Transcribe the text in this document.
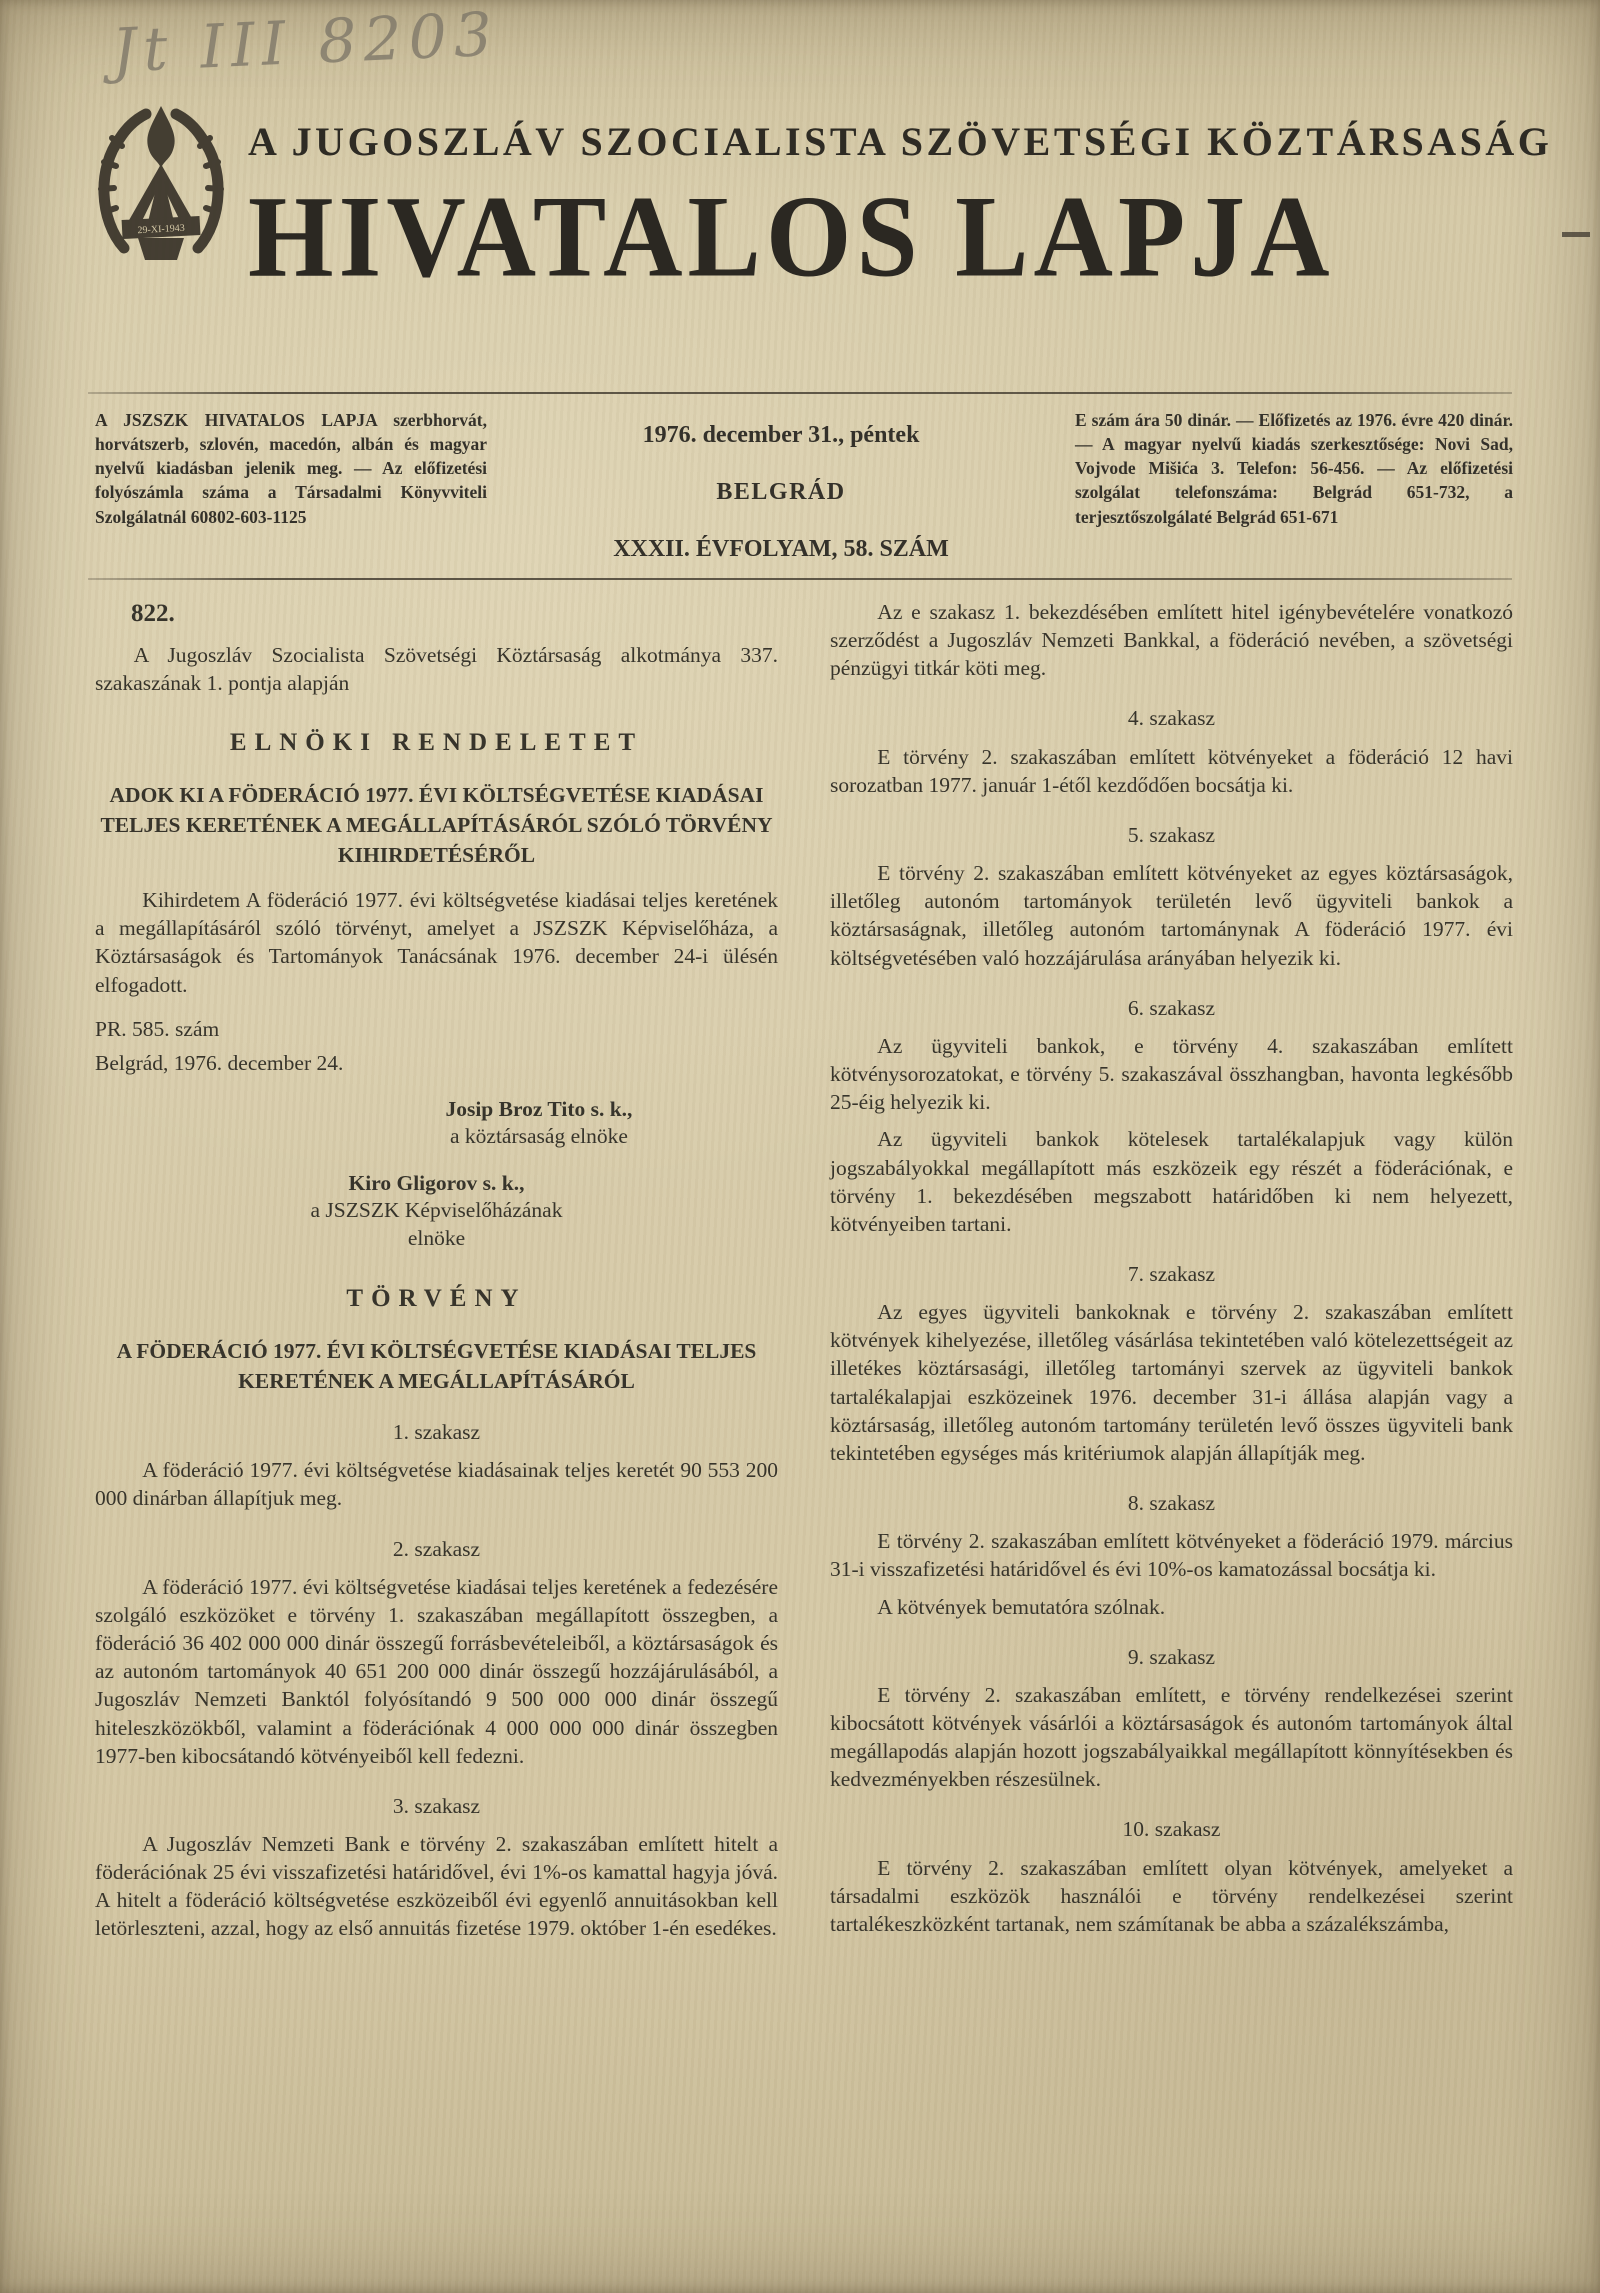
Jt III 8203
29-XI-1943
A JUGOSZLÁV SZOCIALISTA SZÖVETSÉGI KÖZTÁRSASÁG
HIVATALOS LAPJA
A JSZSZK HIVATALOS LAPJA szerbhorvát, horvátszerb, szlovén, macedón, albán és magyar nyelvű kiadásban jelenik meg. — Az előfizetési folyószámla száma a Társadalmi Könyvviteli Szolgálatnál 60802-603-1125
1976. december 31., péntek
BELGRÁD
XXXII. ÉVFOLYAM, 58. SZÁM
E szám ára 50 dinár. — Előfizetés az 1976. évre 420 dinár. — A magyar nyelvű kiadás szerkesztősége: Novi Sad, Vojvode Mišića 3. Telefon: 56-456. — Az előfizetési szolgálat telefonszáma: Belgrád 651-732, a terjesztőszolgálaté Belgrád 651-671
822.
A Jugoszláv Szocialista Szövetségi Köztársaság alkotmánya 337. szakaszának 1. pontja alapján
ELNÖKI RENDELETET
ADOK KI A FÖDERÁCIÓ 1977. ÉVI KÖLTSÉGVETÉSE KIADÁSAI TELJES KERETÉNEK A MEGÁLLAPÍTÁSÁRÓL SZÓLÓ TÖRVÉNY KIHIRDETÉSÉRŐL
Kihirdetem A föderáció 1977. évi költségvetése kiadásai teljes keretének a megállapításáról szóló törvényt, amelyet a JSZSZK Képviselőháza, a Köztársaságok és Tartományok Tanácsának 1976. december 24-i ülésén elfogadott.
PR. 585. szám
Belgrád, 1976. december 24.
Josip Broz Tito s. k.,
a köztársaság elnöke
Kiro Gligorov s. k.,
a JSZSZK Képviselőházának
elnöke
TÖRVÉNY
A FÖDERÁCIÓ 1977. ÉVI KÖLTSÉGVETÉSE KIADÁSAI TELJES KERETÉNEK A MEGÁLLAPÍTÁSÁRÓL
1. szakasz
A föderáció 1977. évi költségvetése kiadásainak teljes keretét 90 553 200 000 dinárban állapítjuk meg.
2. szakasz
A föderáció 1977. évi költségvetése kiadásai teljes keretének a fedezésére szolgáló eszközöket e törvény 1. szakaszában megállapított összegben, a föderáció 36 402 000 000 dinár összegű forrásbevételeiből, a köztársaságok és az autonóm tartományok 40 651 200 000 dinár összegű hozzájárulásából, a Jugoszláv Nemzeti Banktól folyósítandó 9 500 000 000 dinár összegű hiteleszközökből, valamint a föderációnak 4 000 000 000 dinár összegben 1977-ben kibocsátandó kötvényeiből kell fedezni.
3. szakasz
A Jugoszláv Nemzeti Bank e törvény 2. szakaszában említett hitelt a föderációnak 25 évi visszafizetési határidővel, évi 1%-os kamattal hagyja jóvá. A hitelt a föderáció költségvetése eszközeiből évi egyenlő annuitásokban kell letörleszteni, azzal, hogy az első annuitás fizetése 1979. október 1-én esedékes.
Az e szakasz 1. bekezdésében említett hitel igénybevételére vonatkozó szerződést a Jugoszláv Nemzeti Bankkal, a föderáció nevében, a szövetségi pénzügyi titkár köti meg.
4. szakasz
E törvény 2. szakaszában említett kötvényeket a föderáció 12 havi sorozatban 1977. január 1-étől kezdődően bocsátja ki.
5. szakasz
E törvény 2. szakaszában említett kötvényeket az egyes köztársaságok, illetőleg autonóm tartományok területén levő ügyviteli bankok a köztársaságnak, illetőleg autonóm tartománynak A föderáció 1977. évi költségvetésében való hozzájárulása arányában helyezik ki.
6. szakasz
Az ügyviteli bankok, e törvény 4. szakaszában említett kötvénysorozatokat, e törvény 5. szakaszával összhangban, havonta legkésőbb 25-éig helyezik ki.
Az ügyviteli bankok kötelesek tartalékalapjuk vagy külön jogszabályokkal megállapított más eszközeik egy részét a föderációnak, e törvény 1. bekezdésében megszabott határidőben ki nem helyezett, kötvényeiben tartani.
7. szakasz
Az egyes ügyviteli bankoknak e törvény 2. szakaszában említett kötvények kihelyezése, illetőleg vásárlása tekintetében való kötelezettségeit az illetékes köztársasági, illetőleg tartományi szervek az ügyviteli bankok tartalékalapjai eszközeinek 1976. december 31-i állása alapján vagy a köztársaság, illetőleg autonóm tartomány területén levő összes ügyviteli bank tekintetében egységes más kritériumok alapján állapítják meg.
8. szakasz
E törvény 2. szakaszában említett kötvényeket a föderáció 1979. március 31-i visszafizetési határidővel és évi 10%-os kamatozással bocsátja ki.
A kötvények bemutatóra szólnak.
9. szakasz
E törvény 2. szakaszában említett, e törvény rendelkezései szerint kibocsátott kötvények vásárlói a köztársaságok és autonóm tartományok által megállapodás alapján hozott jogszabályaikkal megállapított könnyítésekben és kedvezményekben részesülnek.
10. szakasz
E törvény 2. szakaszában említett olyan kötvények, amelyeket a társadalmi eszközök használói e törvény rendelkezései szerint tartalékeszközként tartanak, nem számítanak be abba a százalékszámba,
